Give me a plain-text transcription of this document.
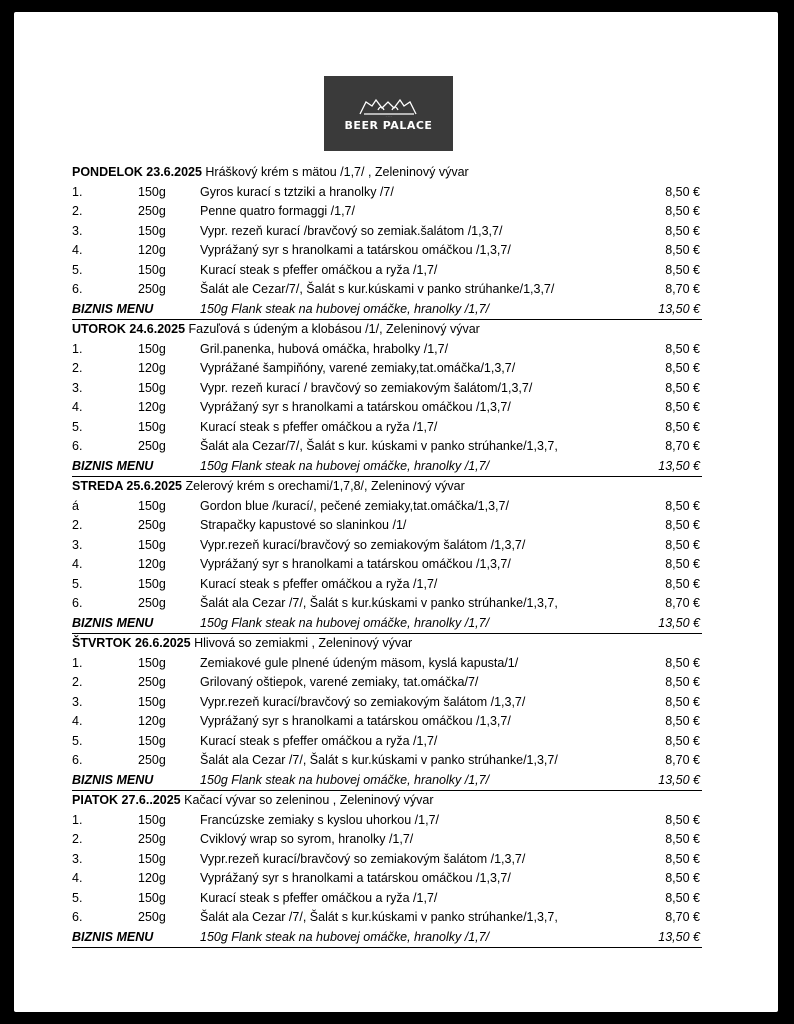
· · · ·
BEER PALACE
PONDELOK 23.6.2025 Hráškový krém s mätou /1,7/ , Zeleninový vývar
1.	150g	Gyros kurací s tztziki a hranolky /7/	8,50 €
2.	250g	Penne quatro formaggi /1,7/	8,50 €
3.	150g	Vypr. rezeň kurací /bravčový so zemiak.šalátom /1,3,7/	8,50 €
4.	120g	Vyprážaný syr s hranolkami a tatárskou omáčkou /1,3,7/	8,50 €
5.	150g	Kurací steak s pfeffer omáčkou a ryža /1,7/	8,50 €
6.	250g	Šalát ale Cezar/7/, Šalát s kur.kúskami v panko strúhanke/1,3,7/	8,70 €
BIZNIS MENU	150g Flank steak na hubovej omáčke, hranolky /1,7/	13,50 €
UTOROK 24.6.2025 Fazuľová s údeným a klobásou /1/, Zeleninový vývar
1.	150g	Gril.panenka, hubová omáčka, hrabolky /1,7/	8,50 €
2.	120g	Vyprážané šampiňóny, varené zemiaky,tat.omáčka/1,3,7/	8,50 €
3.	150g	Vypr. rezeň kurací / bravčový so zemiakovým šalátom/1,3,7/	8,50 €
4.	120g	Vyprážaný syr s hranolkami a tatárskou omáčkou /1,3,7/	8,50 €
5.	150g	Kurací steak s pfeffer omáčkou a ryža /1,7/	8,50 €
6.	250g	Šalát ala Cezar/7/, Šalát s kur. kúskami v panko strúhanke/1,3,7,	8,70 €
BIZNIS MENU	150g Flank steak na hubovej omáčke, hranolky /1,7/	13,50 €
STREDA 25.6.2025 Zelerový krém s orechami/1,7,8/, Zeleninový vývar
á	150g	Gordon blue /kurací/, pečené zemiaky,tat.omáčka/1,3,7/	8,50 €
2.	250g	Strapačky kapustové so slaninkou /1/	8,50 €
3.	150g	Vypr.rezeň kurací/bravčový so zemiakovým šalátom /1,3,7/	8,50 €
4.	120g	Vyprážaný syr s hranolkami a tatárskou omáčkou /1,3,7/	8,50 €
5.	150g	Kurací steak s pfeffer omáčkou a ryža /1,7/	8,50 €
6.	250g	Šalát ala Cezar /7/, Šalát s kur.kúskami v panko strúhanke/1,3,7,	8,70 €
BIZNIS MENU	150g Flank steak na hubovej omáčke, hranolky /1,7/	13,50 €
ŠTVRTOK 26.6.2025 Hlivová so zemiakmi , Zeleninový vývar
1.	150g	Zemiakové gule plnené údeným mäsom, kyslá kapusta/1/	8,50 €
2.	250g	Grilovaný oštiepok, varené zemiaky, tat.omáčka/7/	8,50 €
3.	150g	Vypr.rezeň kurací/bravčový so zemiakovým šalátom /1,3,7/	8,50 €
4.	120g	Vyprážaný syr s hranolkami a tatárskou omáčkou /1,3,7/	8,50 €
5.	150g	Kurací steak s pfeffer omáčkou a ryža /1,7/	8,50 €
6.	250g	Šalát ala Cezar /7/, Šalát s kur.kúskami v panko strúhanke/1,3,7/	8,70 €
BIZNIS MENU	150g Flank steak na hubovej omáčke, hranolky /1,7/	13,50 €
PIATOK 27.6..2025 Kačací vývar so zeleninou , Zeleninový vývar
1.	150g	Francúzske zemiaky s kyslou uhorkou /1,7/	8,50 €
2.	250g	Cviklový wrap so syrom, hranolky /1,7/	8,50 €
3.	150g	Vypr.rezeň kurací/bravčový so zemiakovým šalátom /1,3,7/	8,50 €
4.	120g	Vyprážaný syr s hranolkami a tatárskou omáčkou /1,3,7/	8,50 €
5.	150g	Kurací steak s pfeffer omáčkou a ryža /1,7/	8,50 €
6.	250g	Šalát ala Cezar /7/, Šalát s kur.kúskami v panko strúhanke/1,3,7,	8,70 €
BIZNIS MENU	150g Flank steak na hubovej omáčke, hranolky /1,7/	13,50 €
